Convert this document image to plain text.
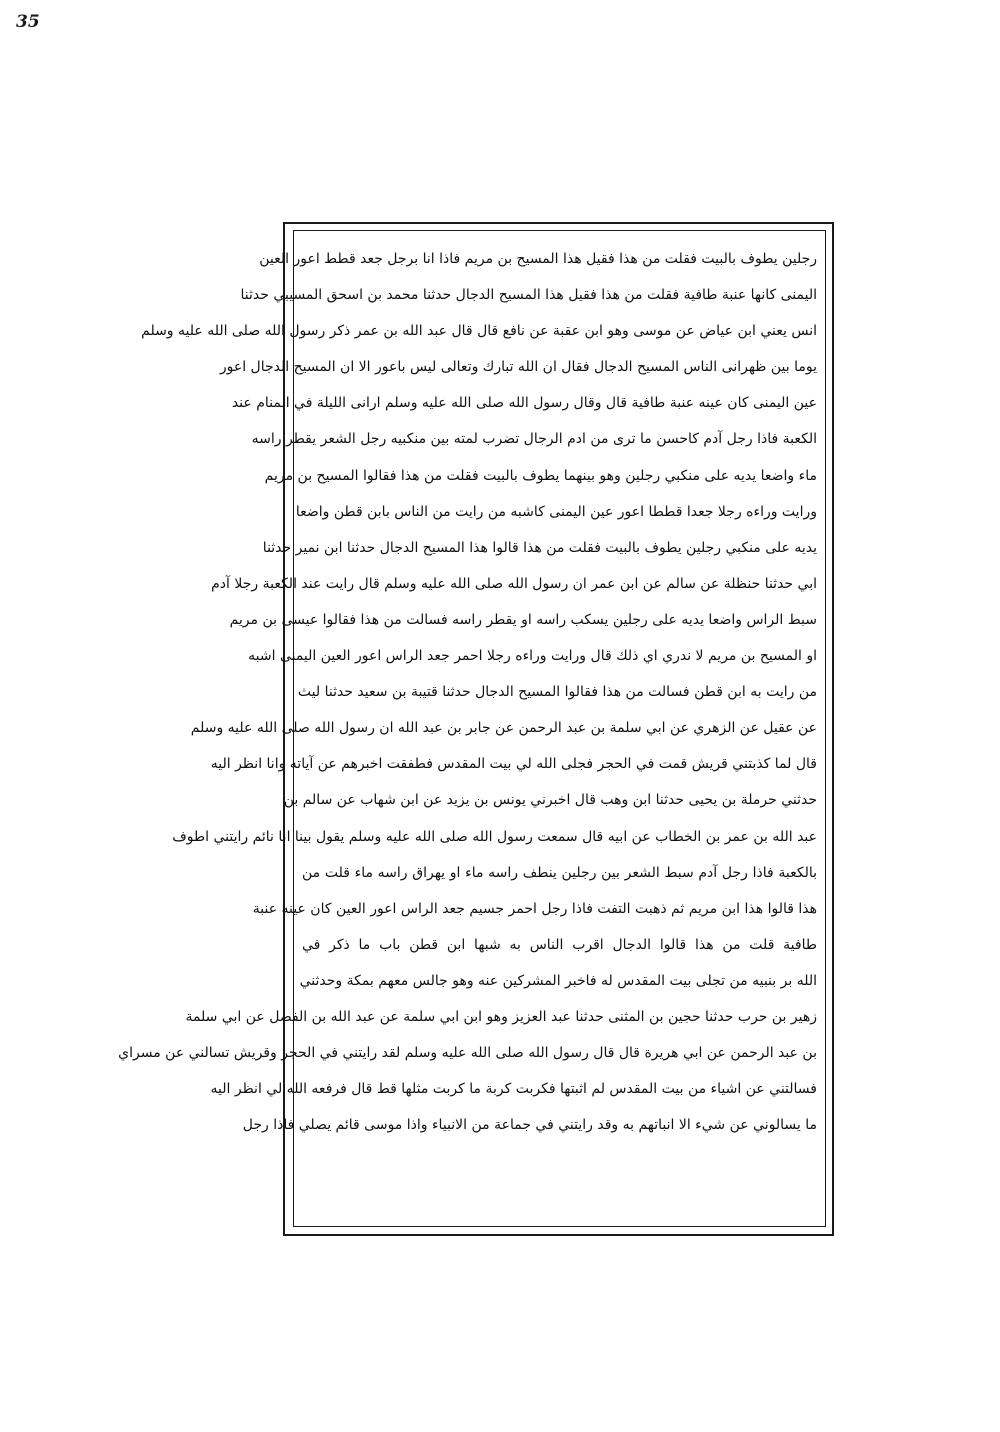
35
رجلين يطوف بالبيت فقلت من هذا فقيل هذا المسيح بن مريم فاذا انا برجل جعد قطط اعور العين
اليمنى كانها عنبة طافية فقلت من هذا فقيل هذا المسيح الدجال حدثنا محمد بن اسحق المسيبي حدثنا
انس يعني ابن عياض عن موسى وهو ابن عقبة عن نافع قال قال عبد الله بن عمر ذكر رسول الله صلى الله عليه وسلم
يوما بين ظهرانى الناس المسيح الدجال فقال ان الله تبارك وتعالى ليس باعور الا ان المسيح الدجال اعور
عين اليمنى كان عينه عنبة طافية قال وقال رسول الله صلى الله عليه وسلم ارانى الليلة في المنام عند
الكعبة فاذا رجل آدم كاحسن ما ترى من ادم الرجال تضرب لمته بين منكبيه رجل الشعر يقطر راسه
ماء واضعا يديه على منكبي رجلين وهو بينهما يطوف بالبيت فقلت من هذا فقالوا المسيح بن مريم
ورايت وراءه رجلا جعدا قططا اعور عين اليمنى كاشبه من رايت من الناس بابن قطن واضعا
يديه على منكبي رجلين يطوف بالبيت فقلت من هذا قالوا هذا المسيح الدجال حدثنا ابن نمير حدثنا
ابي حدثنا حنظلة عن سالم عن ابن عمر ان رسول الله صلى الله عليه وسلم قال رايت عند الكعبة رجلا آدم
سبط الراس واضعا يديه على رجلين يسكب راسه او يقطر راسه فسالت من هذا فقالوا عيسى بن مريم
او المسيح بن مريم لا ندري اي ذلك قال ورايت وراءه رجلا احمر جعد الراس اعور العين اليمنى اشبه
من رايت به ابن قطن فسالت من هذا فقالوا المسيح الدجال حدثنا قتيبة بن سعيد حدثنا ليث
عن عقيل عن الزهري عن ابي سلمة بن عبد الرحمن عن جابر بن عبد الله ان رسول الله صلى الله عليه وسلم
قال لما كذبتني قريش قمت في الحجر فجلى الله لي بيت المقدس فطفقت اخبرهم عن آياته وانا انظر اليه
حدثني حرملة بن يحيى حدثنا ابن وهب قال اخبرني يونس بن يزيد عن ابن شهاب عن سالم بن
عبد الله بن عمر بن الخطاب عن ابيه قال سمعت رسول الله صلى الله عليه وسلم يقول بينا انا نائم رايتني اطوف
بالكعبة فاذا رجل آدم سبط الشعر بين رجلين ينطف راسه ماء او يهراق راسه ماء قلت من
هذا قالوا هذا ابن مريم ثم ذهبت التفت فاذا رجل احمر جسيم جعد الراس اعور العين كان عينه عنبة
طافية قلت من هذا قالوا الدجال اقرب الناس به شبها ابن قطن باب ما ذكر في
الله بر بنبيه من تجلى بيت المقدس له فاخبر المشركين عنه وهو جالس معهم بمكة وحدثني
زهير بن حرب حدثنا حجين بن المثنى حدثنا عبد العزيز وهو ابن ابي سلمة عن عبد الله بن الفضل عن ابي سلمة
بن عبد الرحمن عن ابي هريرة قال قال رسول الله صلى الله عليه وسلم لقد رايتني في الحجر وقريش تسالني عن مسراي
فسالتني عن اشياء من بيت المقدس لم اثبتها فكربت كربة ما كربت مثلها قط قال فرفعه الله لي انظر اليه
ما يسالوني عن شيء الا انباتهم به وقد رايتني في جماعة من الانبياء واذا موسى قائم يصلي فاذا رجل
